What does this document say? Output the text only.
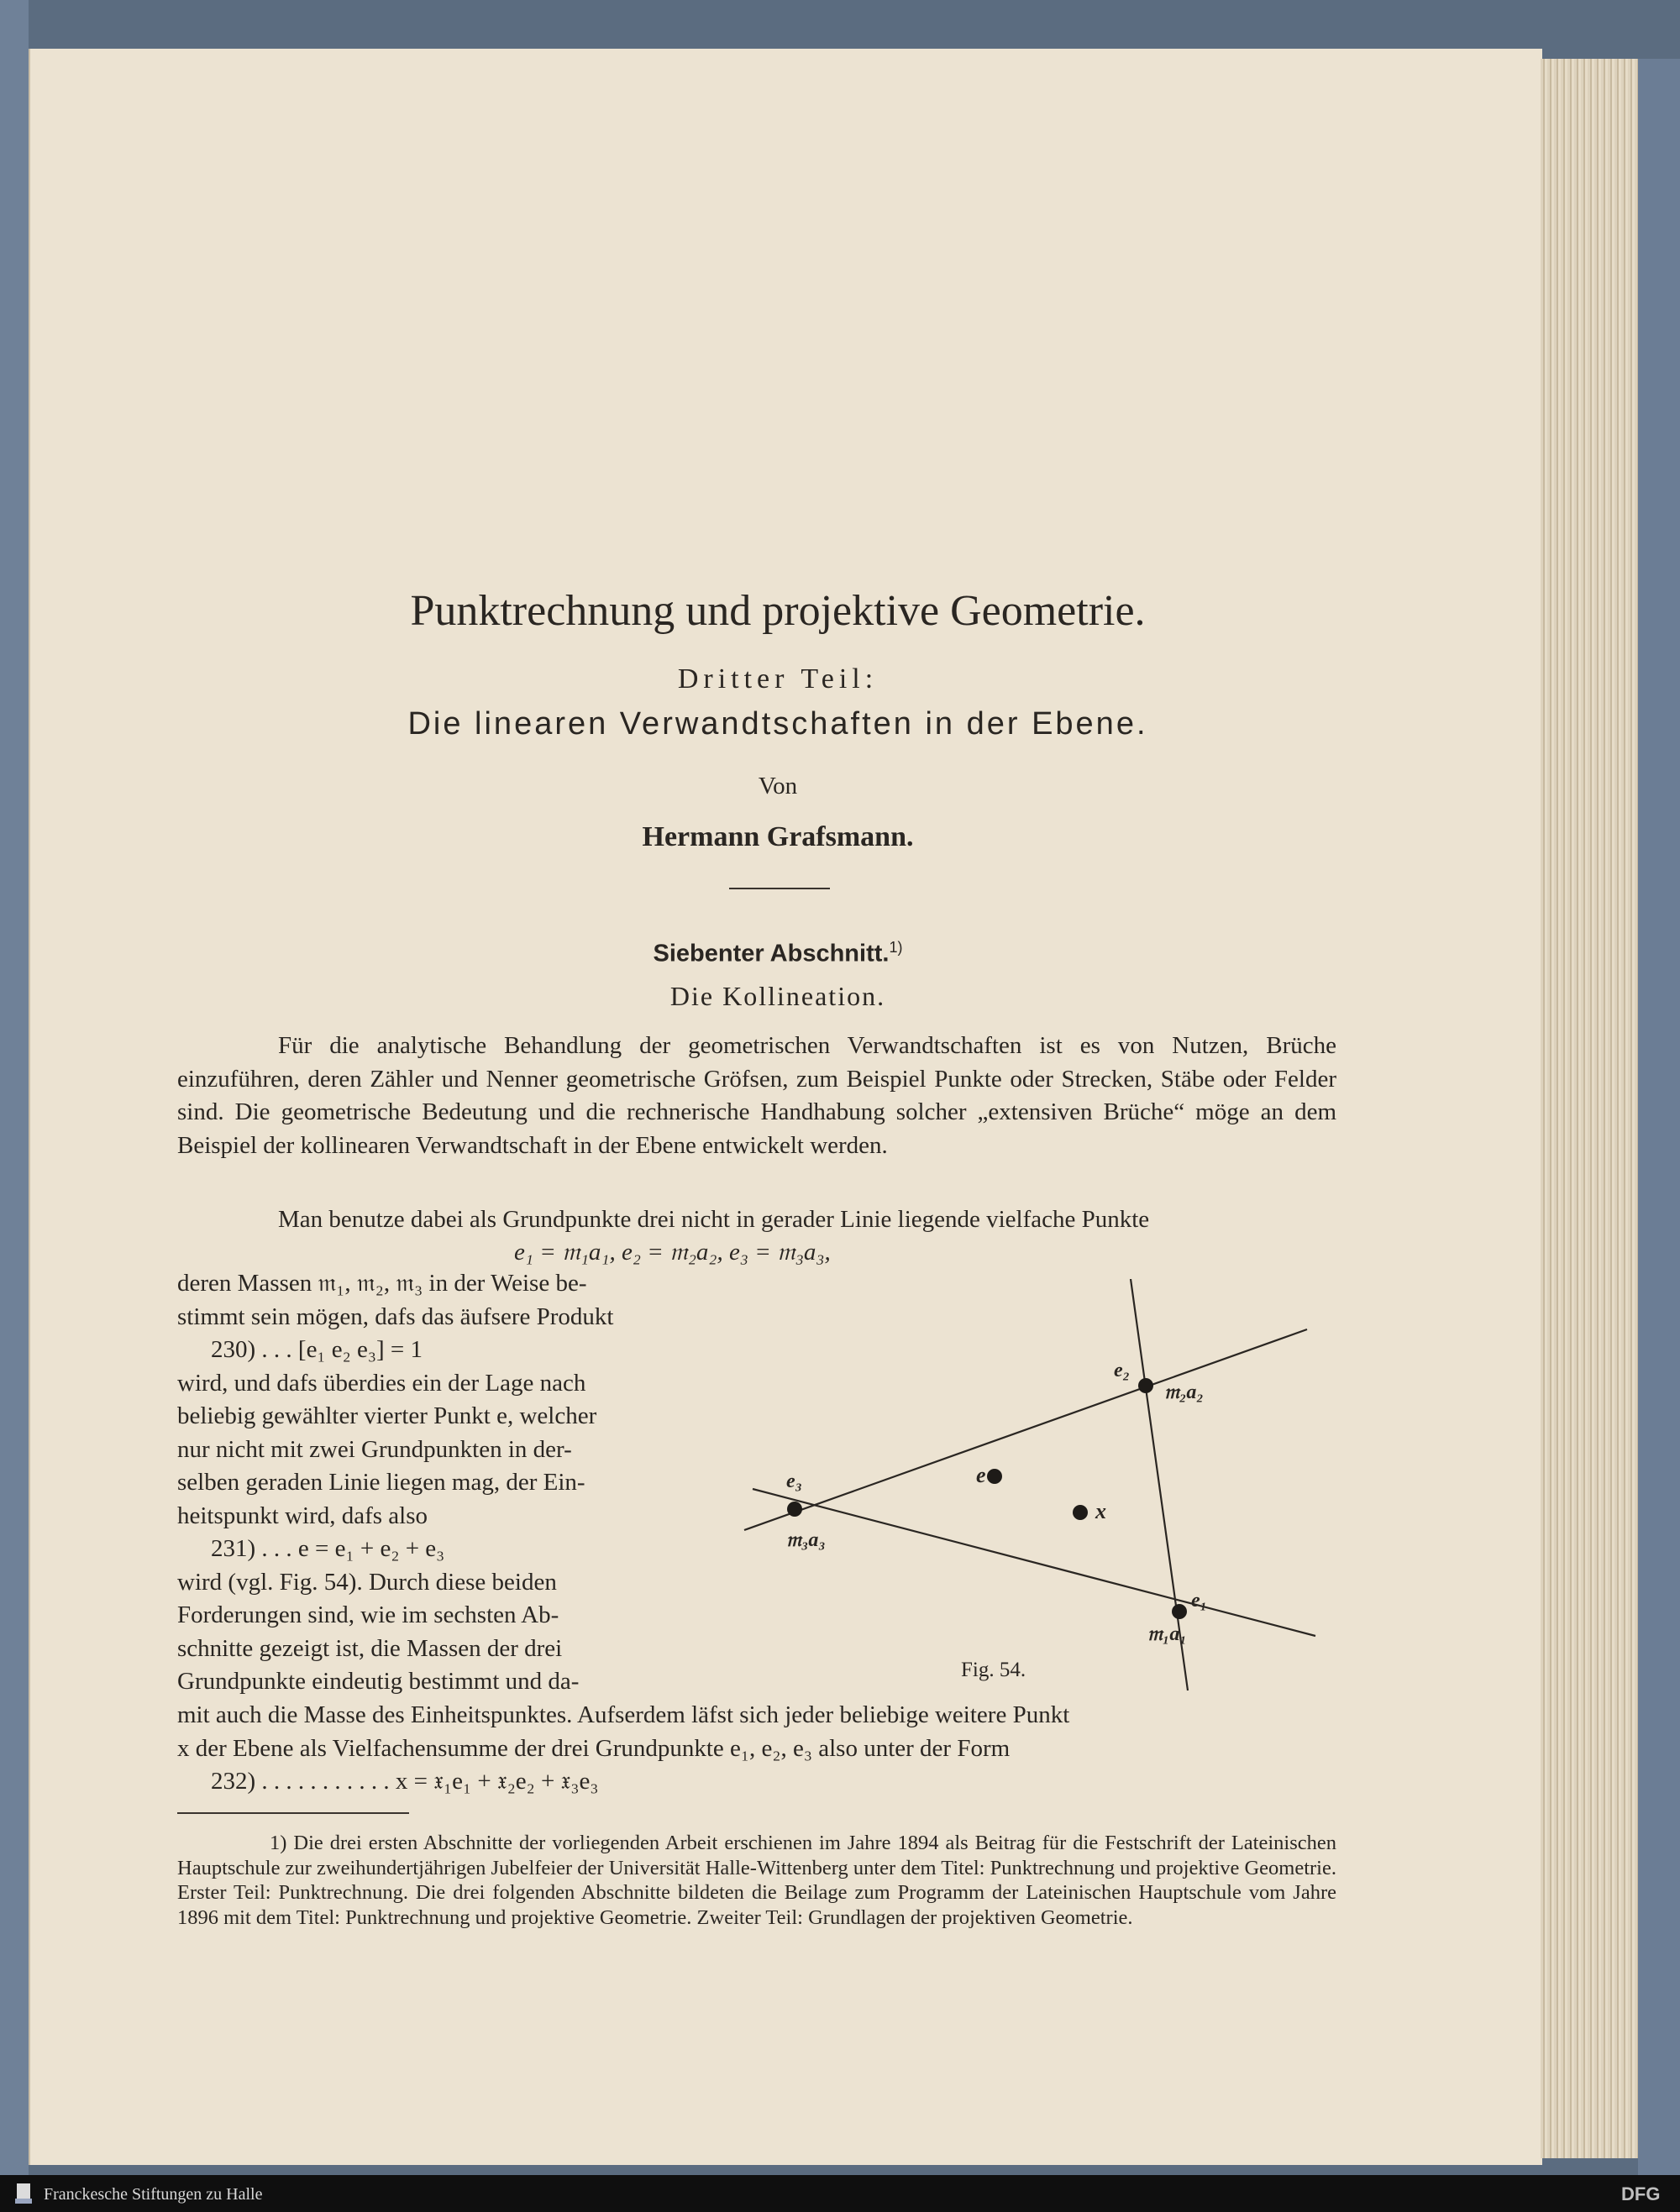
Punktrechnung und projektive Geometrie.
Dritter Teil:
Die linearen Verwandtschaften in der Ebene.
Von
Hermann Grafsmann.
Siebenter Abschnitt.$^{1)}$
Die Kollineation.

Für die analytische Behandlung der geometrischen Verwandtschaften ist es von Nutzen, Brüche einzuführen, deren Zähler und Nenner geometrische Gröfsen, zum Beispiel Punkte oder Strecken, Stäbe oder Felder sind. Die geometrische Bedeutung und die rechnerische Handhabung solcher „extensiven Brüche“ möge an dem Beispiel der kollinearen Verwandtschaft in der Ebene entwickelt werden.

Man benutze dabei als Grundpunkte drei nicht in gerader Linie liegende vielfache Punkte

e₁ = 𝔪₁a₁, e₂ = 𝔪₂a₂, e₃ = 𝔪₃a₃,
deren Massen 𝔪₁, 𝔪₂, 𝔪₃ in der Weise be-
stimmt sein mögen, dafs das äufsere Produkt
230) . . . [e₁ e₂ e₃] = 1
wird, und dafs überdies ein der Lage nach
beliebig gewählter vierter Punkt e, welcher
nur nicht mit zwei Grundpunkten in der-
selben geraden Linie liegen mag, der Ein-
heitspunkt wird, dafs also
231) . . . e = e₁ + e₂ + e₃
wird (vgl. Fig. 54). Durch diese beiden
Forderungen sind, wie im sechsten Ab-
schnitte gezeigt ist, die Massen der drei
Grundpunkte eindeutig bestimmt und da-
e₃
𝔪₃a₃
e₂
𝔪₂a₂
e
x
e₁
𝔪₁a₁
Fig. 54.
mit auch die Masse des Einheitspunktes. Aufserdem läfst sich jeder beliebige weitere Punkt
x der Ebene als Vielfachensumme der drei Grundpunkte e₁, e₂, e₃ also unter der Form
232) . . . . . . . . . . . x = 𝔵₁e₁ + 𝔵₂e₂ + 𝔵₃e₃

1) Die drei ersten Abschnitte der vorliegenden Arbeit erschienen im Jahre 1894 als Beitrag für die Festschrift der Lateinischen Hauptschule zur zweihundertjährigen Jubelfeier der Universität Halle-Wittenberg unter dem Titel: Punktrechnung und projektive Geometrie. Erster Teil: Punktrechnung. Die drei folgenden Abschnitte bildeten die Beilage zum Programm der Lateinischen Hauptschule vom Jahre 1896 mit dem Titel: Punktrechnung und projektive Geometrie. Zweiter Teil: Grundlagen der projektiven Geometrie.

Franckesche Stiftungen zu Halle	DFG
